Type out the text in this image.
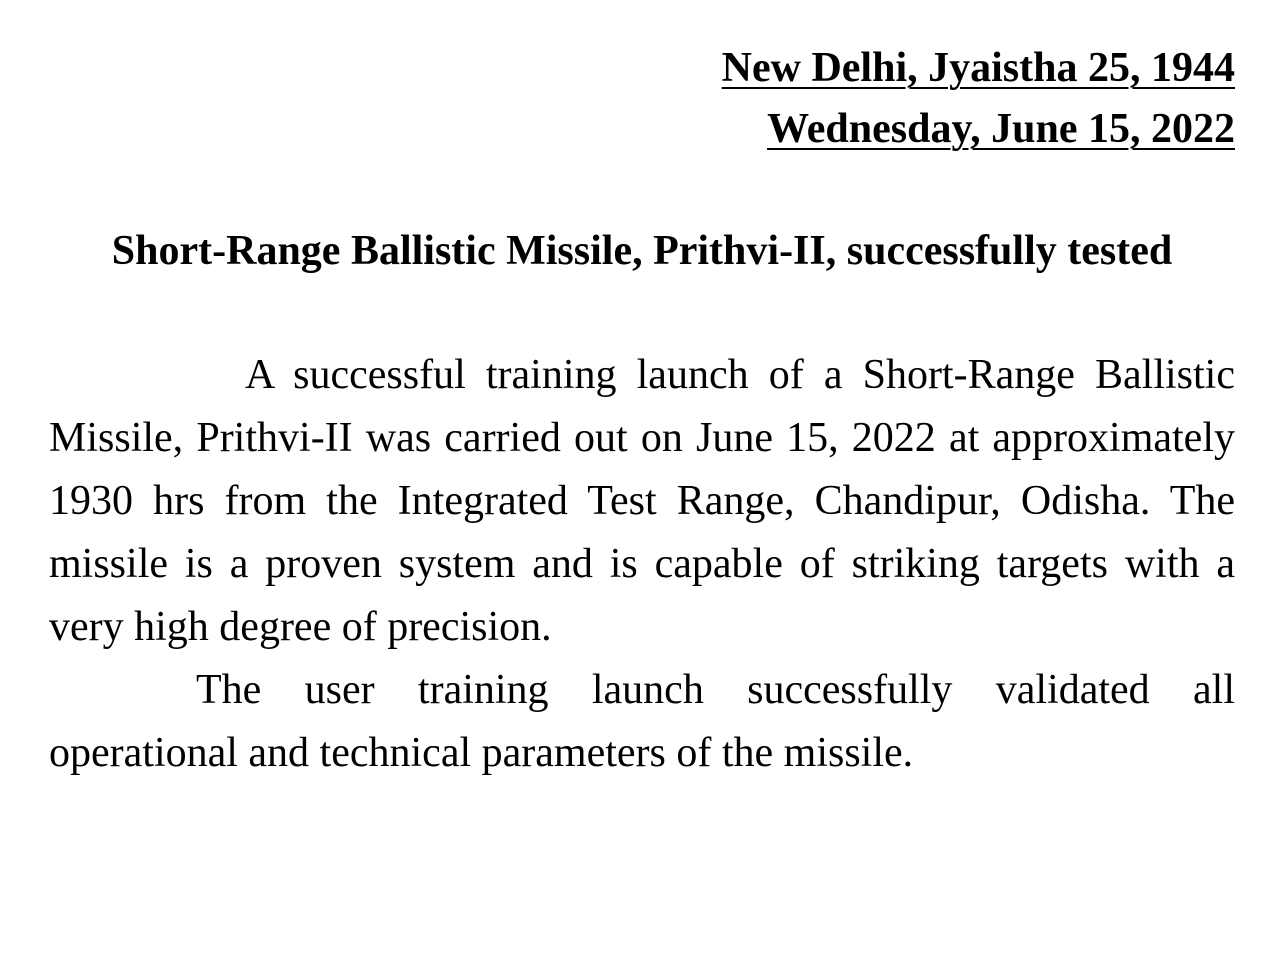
New Delhi, Jyaistha 25, 1944
Wednesday, June 15, 2022
Short-Range Ballistic Missile, Prithvi-II, successfully tested

A successful training launch of a Short-Range Ballistic Missile, Prithvi-II was carried out on June 15, 2022 at approximately 1930 hrs from the Integrated Test Range, Chandipur, Odisha. The missile is a proven system and is capable of striking targets with a very high degree of precision.

The user training launch successfully validated all operational and technical parameters of the missile.
